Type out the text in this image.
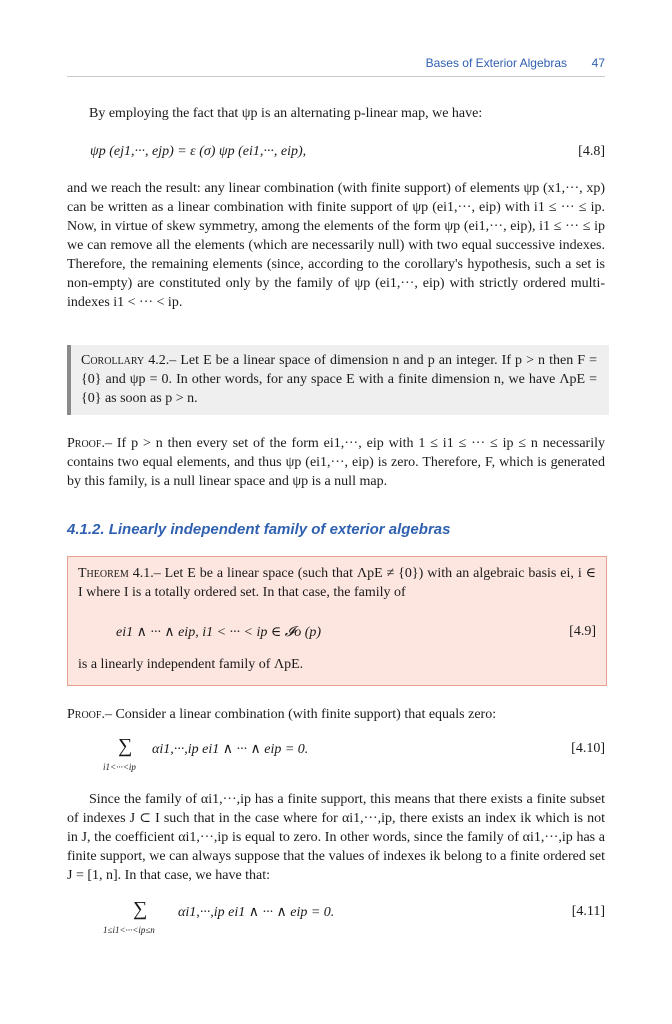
Bases of Exterior Algebras 47
By employing the fact that ψp is an alternating p-linear map, we have:
ψp (ej1,···, ejp) = ε (σ) ψp (ei1,···, eip),	[4.8]
and we reach the result: any linear combination (with finite support) of elements ψp (x1,···, xp) can be written as a linear combination with finite support of ψp (ei1,···, eip) with i1 ≤ ··· ≤ ip. Now, in virtue of skew symmetry, among the elements of the form ψp (ei1,···, eip), i1 ≤ ··· ≤ ip we can remove all the elements (which are necessarily null) with two equal successive indexes. Therefore, the remaining elements (since, according to the corollary's hypothesis, such a set is non-empty) are constituted only by the family of ψp (ei1,···, eip) with strictly ordered multi-indexes i1 < ··· < ip.
Corollary 4.2.– Let E be a linear space of dimension n and p an integer. If p > n then F = {0} and ψp = 0. In other words, for any space E with a finite dimension n, we have ΛpE = {0} as soon as p > n.
Proof.– If p > n then every set of the form ei1,···, eip with 1 ≤ i1 ≤ ··· ≤ ip ≤ n necessarily contains two equal elements, and thus ψp (ei1,···, eip) is zero. Therefore, F, which is generated by this family, is a null linear space and ψp is a null map.
4.1.2. Linearly independent family of exterior algebras
Theorem 4.1.– Let E be a linear space (such that ΛpE ≠ {0}) with an algebraic basis ei, i ∈ I where I is a totally ordered set. In that case, the family of
ei1 ∧ ··· ∧ eip, i1 < ··· < ip ∈ 𝓘o (p)	[4.9]
is a linearly independent family of ΛpE.
Proof.– Consider a linear combination (with finite support) that equals zero:
∑
i1<···<ip
αi1,···,ip ei1 ∧ ··· ∧ eip = 0.	[4.10]
Since the family of αi1,···,ip has a finite support, this means that there exists a finite subset of indexes J ⊂ I such that in the case where for αi1,···,ip, there exists an index ik which is not in J, the coefficient αi1,···,ip is equal to zero. In other words, since the family of αi1,···,ip has a finite support, we can always suppose that the values of indexes ik belong to a finite ordered set J = [1, n]. In that case, we have that:
∑
1≤i1<···<ip≤n
αi1,···,ip ei1 ∧ ··· ∧ eip = 0.	[4.11]
